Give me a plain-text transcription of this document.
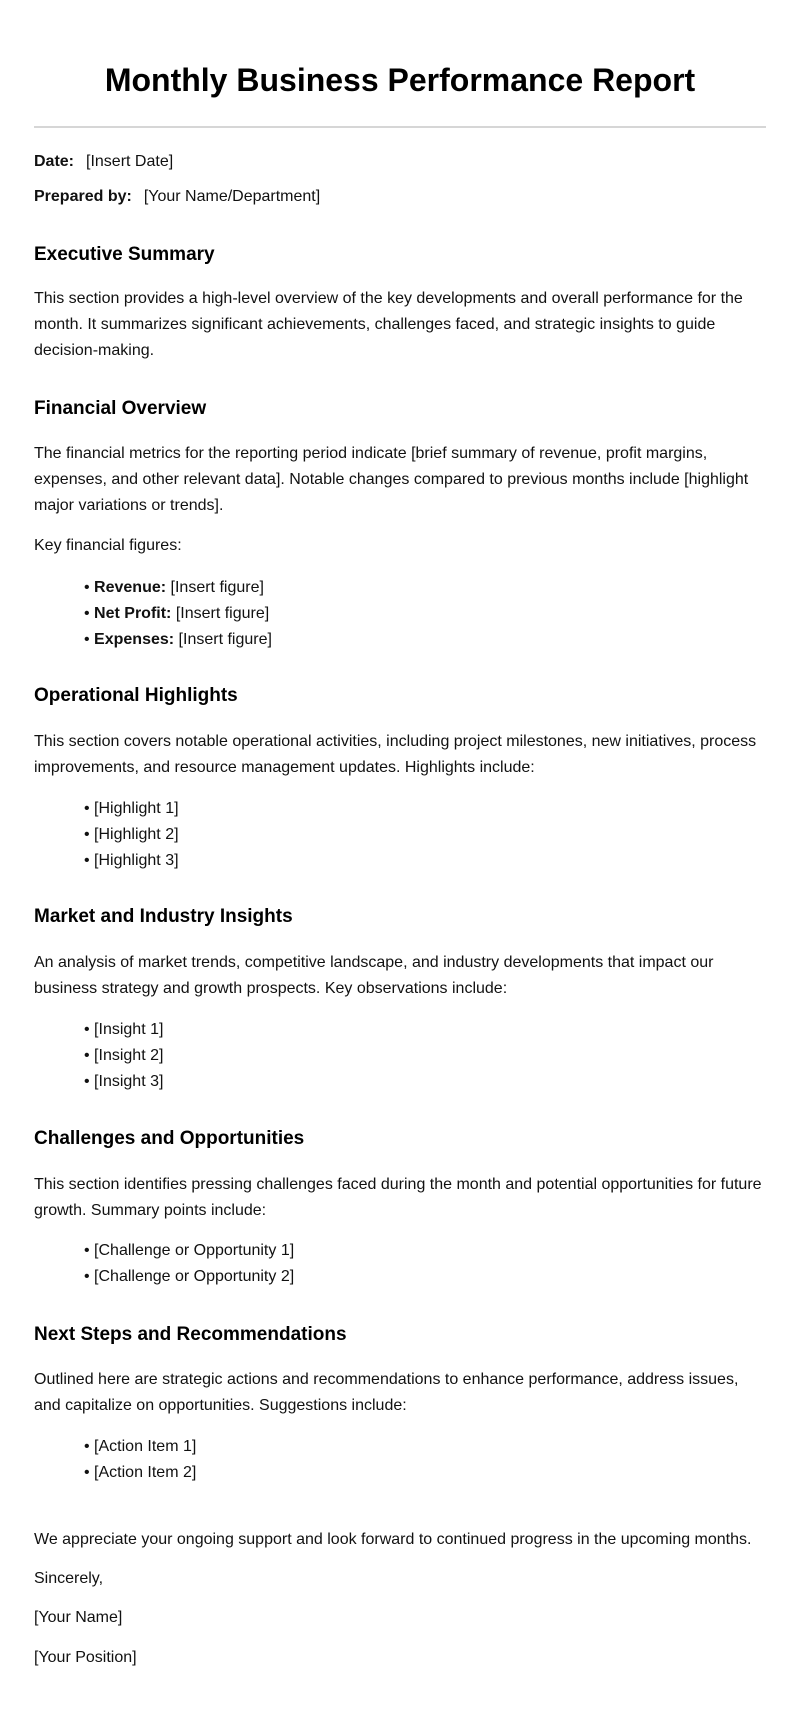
Monthly Business Performance Report
Date: [Insert Date]
Prepared by: [Your Name/Department]
Executive Summary

This section provides a high-level overview of the key developments and overall performance for the month. It summarizes significant achievements, challenges faced, and strategic insights to guide decision-making.

Financial Overview

The financial metrics for the reporting period indicate [brief summary of revenue, profit margins, expenses, and other relevant data]. Notable changes compared to previous months include [highlight major variations or trends].

Key financial figures:

• Revenue: [Insert figure]
• Net Profit: [Insert figure]
• Expenses: [Insert figure]
Operational Highlights

This section covers notable operational activities, including project milestones, new initiatives, process improvements, and resource management updates. Highlights include:

• [Highlight 1]
• [Highlight 2]
• [Highlight 3]
Market and Industry Insights

An analysis of market trends, competitive landscape, and industry developments that impact our business strategy and growth prospects. Key observations include:

• [Insight 1]
• [Insight 2]
• [Insight 3]
Challenges and Opportunities

This section identifies pressing challenges faced during the month and potential opportunities for future growth. Summary points include:

• [Challenge or Opportunity 1]
• [Challenge or Opportunity 2]
Next Steps and Recommendations

Outlined here are strategic actions and recommendations to enhance performance, address issues, and capitalize on opportunities. Suggestions include:

• [Action Item 1]
• [Action Item 2]

We appreciate your ongoing support and look forward to continued progress in the upcoming months.

Sincerely,

[Your Name]

[Your Position]
